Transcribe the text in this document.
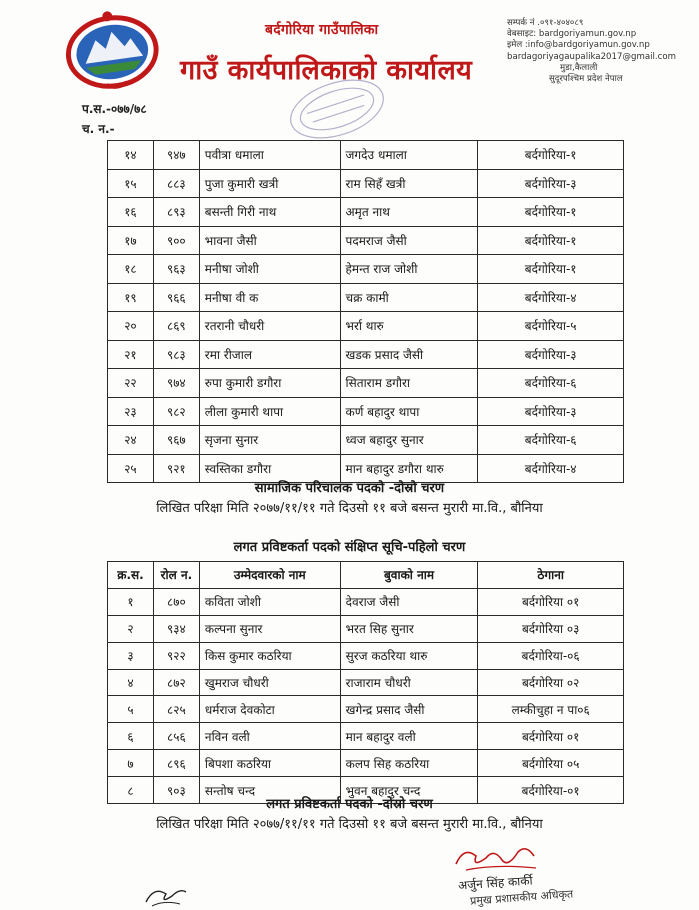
बर्दगोरिया गाउँपालिका
गाउँ कार्यपालिकाको कार्यालय
सम्पर्क नं .०९१-४०४०८९
वेबसाइट: bardgoriyamun.gov.np
इमेल :info@bardgoriyamun.gov.np
bardagoriyagaupalika2017@gmail.com
मुडा,कैलाली
सुदूरपश्चिम प्रदेश नेपाल
प.स.-०७७/७८
च. न.-
१४	९४७	पवीत्रा धमाला	जगदेउ धमाला	बर्दगोरिया-१
१५	८८३	पुजा कुमारी खत्री	राम सिहँ खत्री	बर्दगोरिया-३
१६	८९३	बसन्ती गिरी नाथ	अमृत नाथ	बर्दगोरिया-१
१७	९००	भावना जैसी	पदमराज जैसी	बर्दगोरिया-१
१८	९६३	मनीषा जोशी	हेमन्त राज जोशी	बर्दगोरिया-१
१९	९६६	मनीषा वी क	चक्र कामी	बर्दगोरिया-४
२०	८६९	रतरानी चौधरी	भर्रा थारु	बर्दगोरिया-५
२१	९८३	रमा रीजाल	खडक प्रसाद जैसी	बर्दगोरिया-३
२२	९७४	रुपा कुमारी डगौरा	सिताराम डगौरा	बर्दगोरिया-६
२३	९८२	लीला कुमारी थापा	कर्ण बहादुर थापा	बर्दगोरिया-३
२४	९६७	सृजना सुनार	ध्वज बहादुर सुनार	बर्दगोरिया-६
२५	९२१	स्वस्तिका डगौरा	मान बहादुर डगौरा थारु	बर्दगोरिया-४
सामाजिक परिचालक पदको -दोस्रो चरण
लिखित परिक्षा मिति २०७७/११/११ गते दिउसो ११ बजे बसन्त मुरारी मा.वि., बौनिया
लगत प्रविष्टकर्ता पदको संक्षिप्त सूचि-पहिलो चरण
क्र.स.	रोल न.	उम्मेदवारको नाम	बुवाको नाम	ठेगाना
१	८७०	कविता जोशी	देवराज जैसी	बर्दगोरिया ०१
२	९३४	कल्पना सुनार	भरत सिह सुनार	बर्दगोरिया ०३
३	९२२	किस कुमार कठरिया	सुरज कठरिया थारु	बर्दगोरिया-०६
४	८७२	खुमराज चौधरी	राजाराम चौधरी	बर्दगोरिया ०२
५	८२५	धर्मराज देवकोटा	खगेन्द्र प्रसाद जैसी	लम्कीचुहा न पा०६
६	८५६	नविन वली	मान बहादुर वली	बर्दगोरिया ०१
७	८९६	बिपशा कठरिया	कलप सिह कठरिया	बर्दगोरिया ०५
८	९०३	सन्तोष चन्द	भुवन बहादुर चन्द	बर्दगोरिया-०१
लगत प्रविष्टकर्ता पदको -दोस्रो चरण
लिखित परिक्षा मिति २०७७/११/११ गते दिउसो ११ बजे बसन्त मुरारी मा.वि., बौनिया
अर्जुन सिंह कार्की
प्रमुख प्रशासकीय अधिकृत
